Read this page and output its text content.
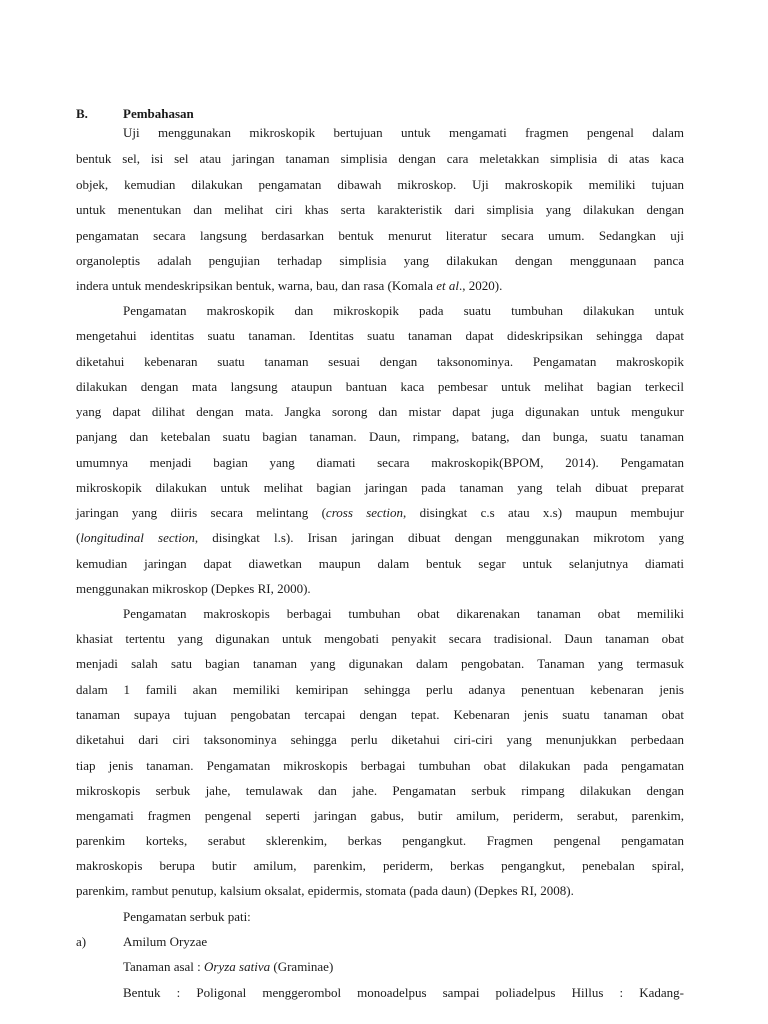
B.	Pembahasan
Uji menggunakan mikroskopik bertujuan untuk mengamati fragmen pengenal dalam
bentuk sel, isi sel atau jaringan tanaman simplisia dengan cara meletakkan simplisia di atas kaca
objek, kemudian dilakukan pengamatan dibawah mikroskop. Uji makroskopik memiliki tujuan
untuk menentukan dan melihat ciri khas serta karakteristik dari simplisia yang dilakukan dengan
pengamatan secara langsung berdasarkan bentuk menurut literatur secara umum. Sedangkan uji
organoleptis adalah pengujian terhadap simplisia yang dilakukan dengan menggunaan panca
indera untuk mendeskripsikan bentuk, warna, bau, dan rasa (Komala et al., 2020).
Pengamatan makroskopik dan mikroskopik pada suatu tumbuhan dilakukan untuk
mengetahui identitas suatu tanaman. Identitas suatu tanaman dapat dideskripsikan sehingga dapat
diketahui kebenaran suatu tanaman sesuai dengan taksonominya. Pengamatan makroskopik
dilakukan dengan mata langsung ataupun bantuan kaca pembesar untuk melihat bagian terkecil
yang dapat dilihat dengan mata. Jangka sorong dan mistar dapat juga digunakan untuk mengukur
panjang dan ketebalan suatu bagian tanaman. Daun, rimpang, batang, dan bunga, suatu tanaman
umumnya menjadi bagian yang diamati secara makroskopik(BPOM, 2014). Pengamatan
mikroskopik dilakukan untuk melihat bagian jaringan pada tanaman yang telah dibuat preparat
jaringan yang diiris secara melintang (cross section, disingkat c.s atau x.s) maupun membujur
(longitudinal section, disingkat l.s). Irisan jaringan dibuat dengan menggunakan mikrotom yang
kemudian jaringan dapat diawetkan maupun dalam bentuk segar untuk selanjutnya diamati
menggunakan mikroskop (Depkes RI, 2000).
Pengamatan makroskopis berbagai tumbuhan obat dikarenakan tanaman obat memiliki
khasiat tertentu yang digunakan untuk mengobati penyakit secara tradisional. Daun tanaman obat
menjadi salah satu bagian tanaman yang digunakan dalam pengobatan. Tanaman yang termasuk
dalam 1 famili akan memiliki kemiripan sehingga perlu adanya penentuan kebenaran jenis
tanaman supaya tujuan pengobatan tercapai dengan tepat. Kebenaran jenis suatu tanaman obat
diketahui dari ciri taksonominya sehingga perlu diketahui ciri-ciri yang menunjukkan perbedaan
tiap jenis tanaman. Pengamatan mikroskopis berbagai tumbuhan obat dilakukan pada pengamatan
mikroskopis serbuk jahe, temulawak dan jahe. Pengamatan serbuk rimpang dilakukan dengan
mengamati fragmen pengenal seperti jaringan gabus, butir amilum, periderm, serabut, parenkim,
parenkim korteks, serabut sklerenkim, berkas pengangkut. Fragmen pengenal pengamatan
makroskopis berupa butir amilum, parenkim, periderm, berkas pengangkut, penebalan spiral,
parenkim, rambut penutup, kalsium oksalat, epidermis, stomata (pada daun) (Depkes RI, 2008).
Pengamatan serbuk pati:
a)	Amilum Oryzae
Tanaman asal : Oryza sativa (Graminae)
Bentuk : Poligonal menggerombol monoadelpus sampai poliadelpus Hillus : Kadang-
